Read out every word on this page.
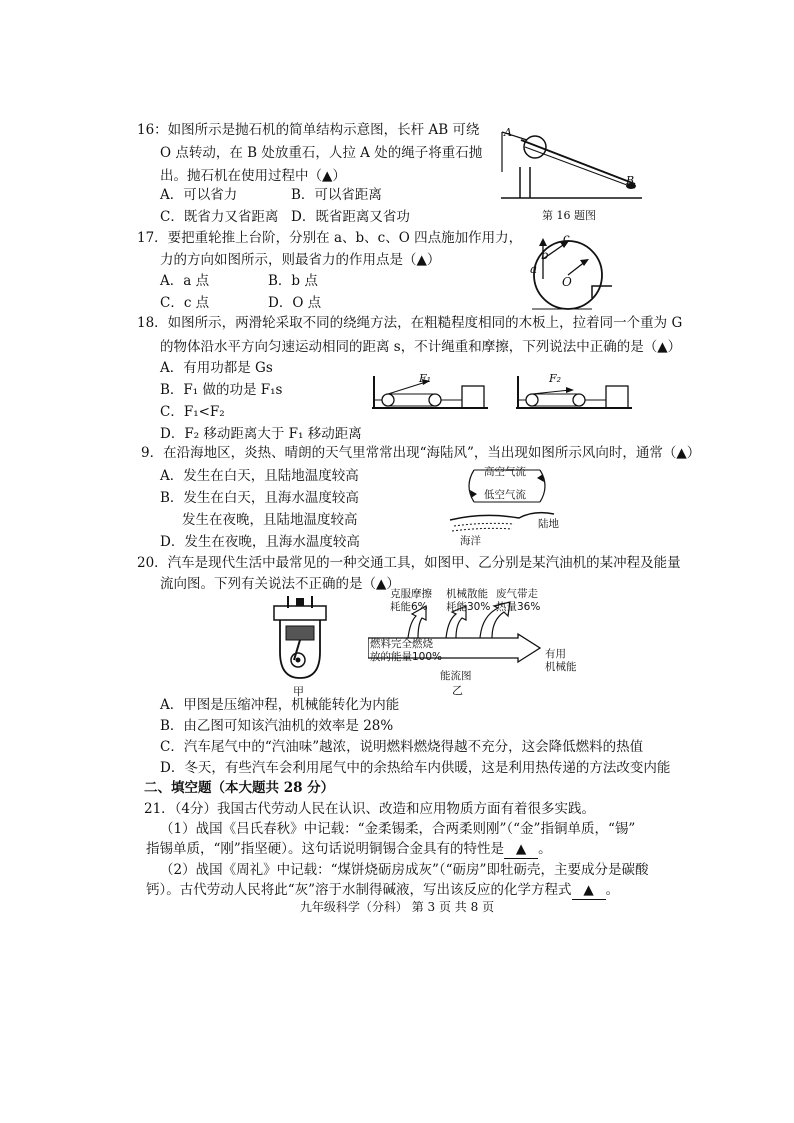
16：如图所示是抛石机的简单结构示意图，长杆 AB 可绕
O 点转动，在 B 处放重石，人拉 A 处的绳子将重石抛
出。抛石机在使用过程中（▲）
A．可以省力	B．可以省距离
C．既省力又省距离 D．既省距离又省功
A
B
第 16 题图
17．要把重轮推上台阶，分别在 a、b、c、O 四点施加作用力，
力的方向如图所示，则最省力的作用点是（▲）
A．a 点	B．b 点
C．c 点	D．O 点
a
b
c
O
18．如图所示，两滑轮采取不同的绕绳方法，在粗糙程度相同的木板上，拉着同一个重为 G
的物体沿水平方向匀速运动相同的距离 s，不计绳重和摩擦，下列说法中正确的是（▲）
A．有用功都是 Gs
B．F₁ 做的功是 F₁s
C．F₁<F₂
D．F₂ 移动距离大于 F₁ 移动距离
F₁	F₂
9．在沿海地区，炎热、晴朗的天气里常常出现“海陆风”，当出现如图所示风向时，通常（▲）
A．发生在白天，且陆地温度较高
B．发生在白天，且海水温度较高
发生在夜晚，且陆地温度较高
D．发生在夜晚，且海水温度较高
高空气流
低空气流
陆地
海洋
20．汽车是现代生活中最常见的一种交通工具，如图甲、乙分别是某汽油机的某冲程及能量
流向图。下列有关说法不正确的是（▲）
甲
克服摩擦
耗能6%
机械散能
耗能30%
废气带走
热量36%
燃料完全燃烧
放的能量100%	有用
机械能
能流图
乙
A．甲图是压缩冲程，机械能转化为内能
B．由乙图可知该汽油机的效率是 28%
C．汽车尾气中的“汽油味”越浓，说明燃料燃烧得越不充分，这会降低燃料的热值
D．冬天，有些汽车会利用尾气中的余热给车内供暖，这是利用热传递的方法改变内能
二、填空题（本大题共 28 分）
21．（4分）我国古代劳动人民在认识、改造和应用物质方面有着很多实践。
（1）战国《吕氏春秋》中记载：“金柔锡柔，合两柔则刚”（“金”指铜单质，“锡”
指锡单质，“刚”指坚硬）。这句话说明铜锡合金具有的特性是 ▲ 。
（2）战国《周礼》中记载：“煤饼烧砺房成灰”（“砺房”即牡砺壳，主要成分是碳酸
钙）。古代劳动人民将此“灰”溶于水制得碱液，写出该反应的化学方程式 ▲ 。
九年级科学（分科） 第 3 页 共 8 页
